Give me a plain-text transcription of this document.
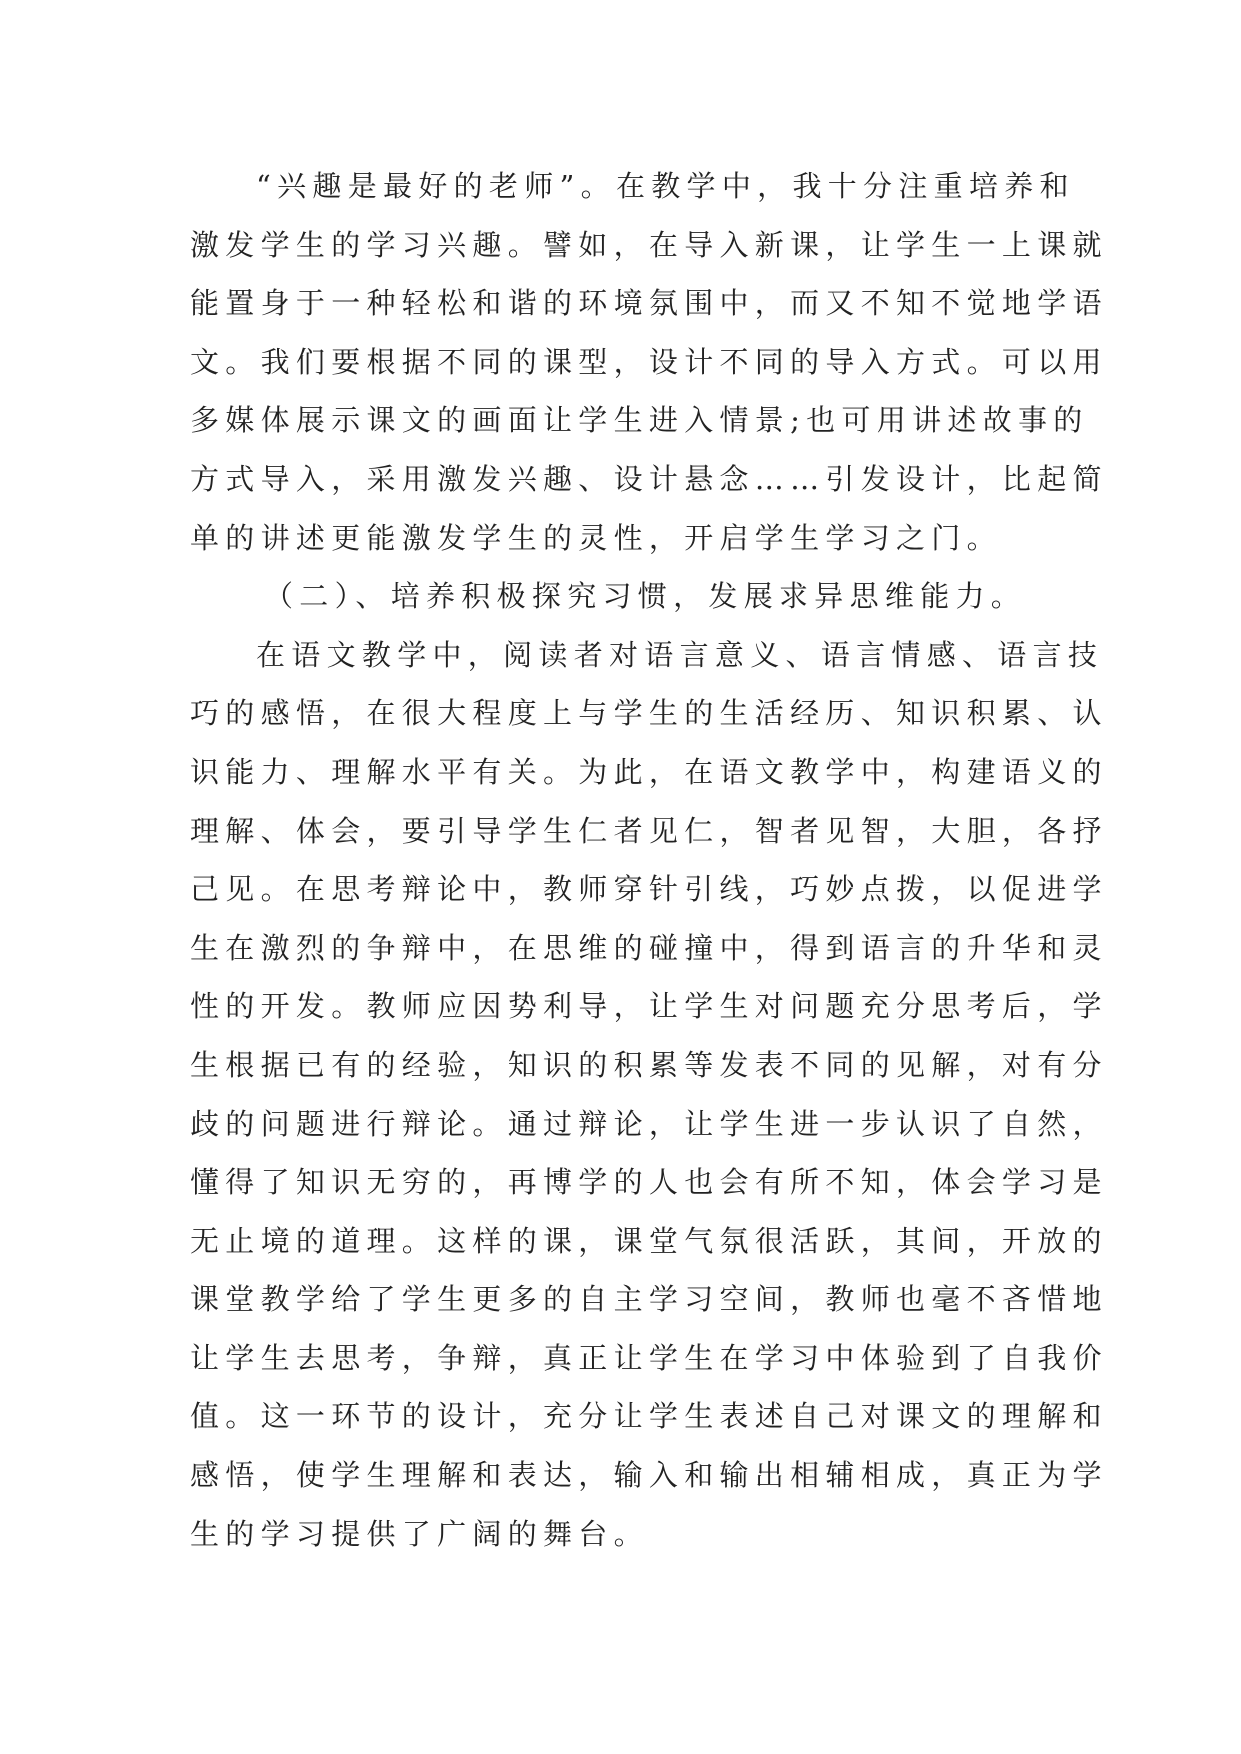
“兴趣是最好的老师”。在教学中，我十分注重培养和
激发学生的学习兴趣。譬如，在导入新课，让学生一上课就
能置身于一种轻松和谐的环境氛围中，而又不知不觉地学语
文。我们要根据不同的课型，设计不同的导入方式。可以用
多媒体展示课文的画面让学生进入情景;也可用讲述故事的
方式导入，采用激发兴趣、设计悬念……引发设计，比起简
单的讲述更能激发学生的灵性，开启学生学习之门。
（二）、培养积极探究习惯，发展求异思维能力。
在语文教学中，阅读者对语言意义、语言情感、语言技
巧的感悟，在很大程度上与学生的生活经历、知识积累、认
识能力、理解水平有关。为此，在语文教学中，构建语义的
理解、体会，要引导学生仁者见仁，智者见智，大胆，各抒
己见。在思考辩论中，教师穿针引线，巧妙点拨，以促进学
生在激烈的争辩中，在思维的碰撞中，得到语言的升华和灵
性的开发。教师应因势利导，让学生对问题充分思考后，学
生根据已有的经验，知识的积累等发表不同的见解，对有分
歧的问题进行辩论。通过辩论，让学生进一步认识了自然，
懂得了知识无穷的，再博学的人也会有所不知，体会学习是
无止境的道理。这样的课，课堂气氛很活跃，其间，开放的
课堂教学给了学生更多的自主学习空间，教师也毫不吝惜地
让学生去思考，争辩，真正让学生在学习中体验到了自我价
值。这一环节的设计，充分让学生表述自己对课文的理解和
感悟，使学生理解和表达，输入和输出相辅相成，真正为学
生的学习提供了广阔的舞台。
